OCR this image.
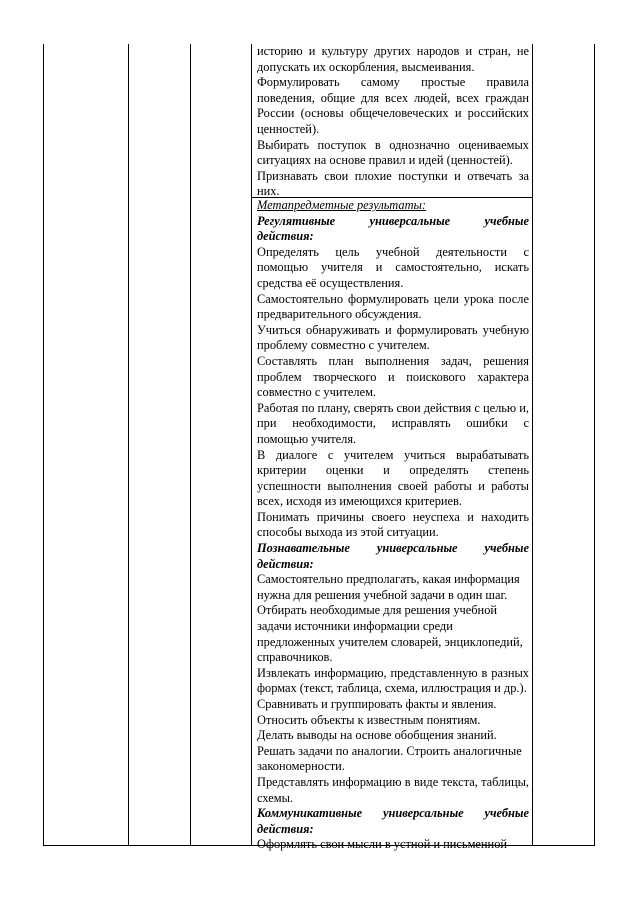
историю и культуру других народов и стран, не допускать их оскорбления, высмеивания.

Формулировать самому простые правила поведения, общие для всех людей, всех граждан России (основы общечеловеческих и российских ценностей).

Выбирать поступок в однозначно оцениваемых ситуациях на основе правил и идей (ценностей).

Признавать свои плохие поступки и отвечать за них.

Метапредметные результаты:

Регулятивные универсальные учебные
действия:

Определять цель учебной деятельности с помощью учителя и самостоятельно, искать средства её осуществления.

Самостоятельно формулировать цели урока после предварительного обсуждения.

Учиться обнаруживать и формулировать учебную проблему совместно с учителем.

Составлять план выполнения задач, решения проблем творческого и поискового характера совместно с учителем.

Работая по плану, сверять свои действия с целью и, при необходимости, исправлять ошибки с помощью учителя.

В диалоге с учителем учиться вырабатывать критерии оценки и определять степень успешности выполнения своей работы и работы всех, исходя из имеющихся критериев.

Понимать причины своего неуспеха и находить способы выхода из этой ситуации.

Познавательные универсальные учебные
действия:

Самостоятельно предполагать, какая информация нужна для решения учебной задачи в один шаг.

Отбирать необходимые для решения учебной задачи источники информации среди предложенных учителем словарей, энциклопедий, справочников.

Извлекать информацию, представленную в разных формах (текст, таблица, схема, иллюстрация и др.).

Сравнивать и группировать факты и явления.

Относить объекты к известным понятиям.

Делать выводы на основе обобщения знаний.

Решать задачи по аналогии. Строить аналогичные закономерности.

Представлять информацию в виде текста, таблицы, схемы.

Коммуникативные универсальные учебные
действия:

Оформлять свои мысли в устной и письменной
